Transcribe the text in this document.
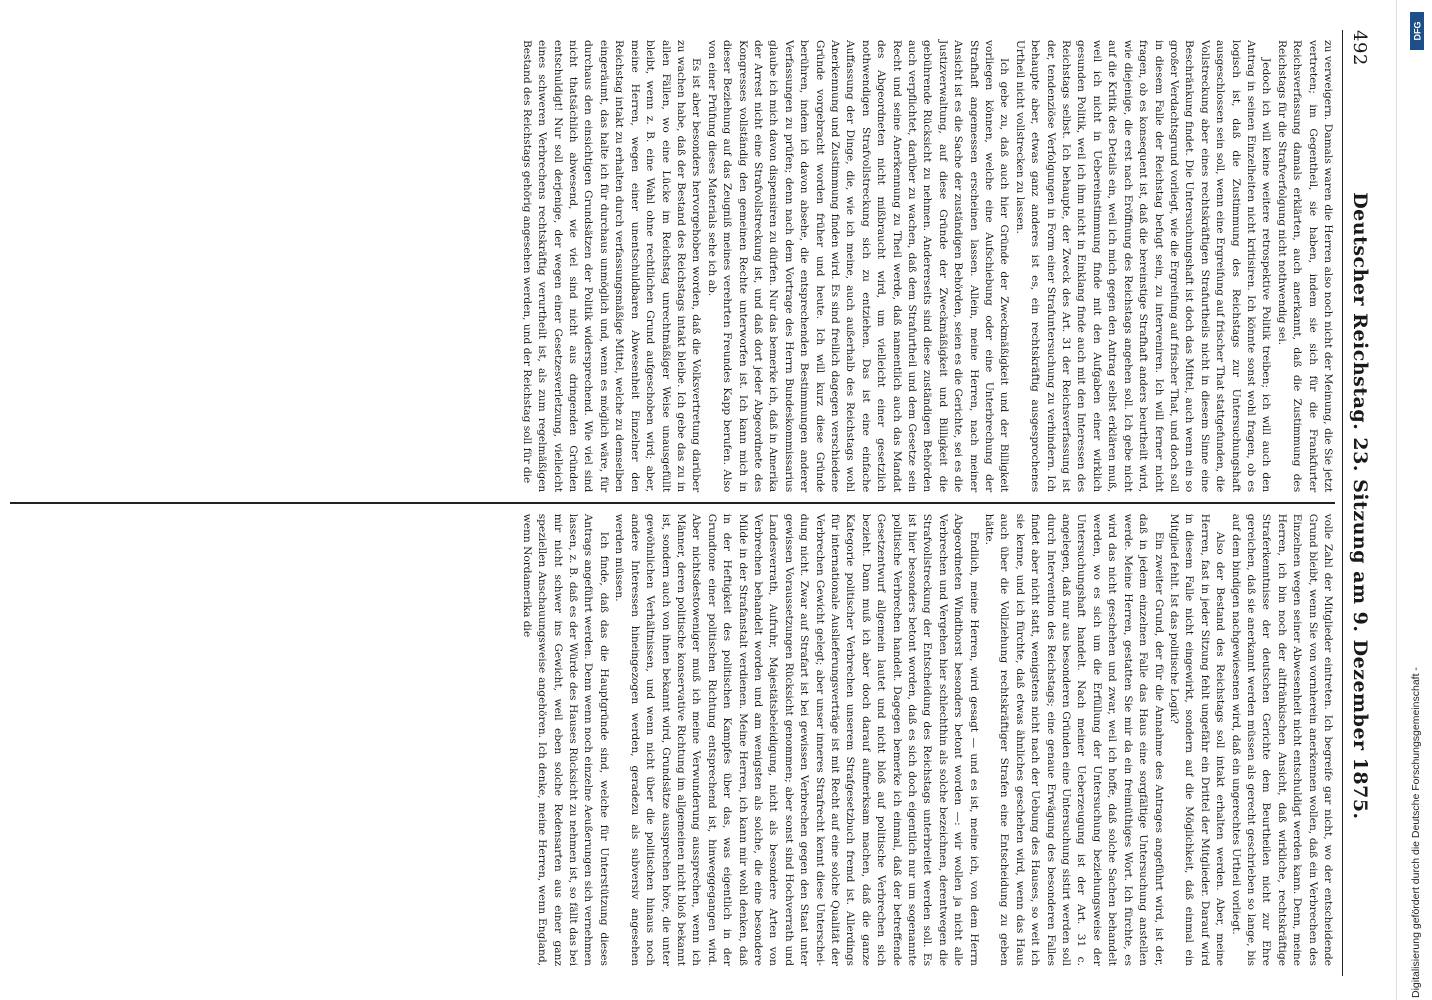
492
Deutscher Reichstag. 23. Sitzung am 9. Dezember 1875.

zu verweigern. Damals waren die Herren also noch nicht der Meinung, die Sie jetzt vertreten; im Gegentheil, sie haben, indem sie sich für die Frankfurter Reichsverfassung damals erklärten, auch anerkannt, daß die Zustimmung des Reichstags für die Strafverfolgung nicht nothwendig sei.

Jedoch ich will keine weitere retrospektive Politik treiben; ich will auch den Antrag in seinen Einzelheiten nicht kritisiren. Ich könnte sonst wohl fragen, ob es logisch ist, daß die Zustimmung des Reichstags zur Untersuchungshaft ausgeschlossen sein soll, wenn eine Ergreifung auf frischer That stattgefunden, die Vollstreckung aber eines rechtskräftigen Strafurtheils nicht in diesem Sinne eine Beschränkung findet. Die Untersuchungshaft ist doch das Mittel, auch wenn ein so großer Verdachtsgrund vorliegt, wie die Ergreifung auf frischer That, und doch soll in diesem Falle der Reichstag befugt sein, zu interveniren. Ich will ferner nicht fragen, ob es konsequent ist, daß die bereinstige Strafhaft anders beurtheilt wird, wie diejenige, die erst nach Eröffnung des Reichstags angehen soll. Ich gebe nicht auf die Kritik des Details ein, weil ich mich gegen den Antrag selbst erklären muß, weil ich nicht in Uebereinstimmung finde mit den Aufgaben einer wirklich gesunden Politik, weil ich ihm nicht in Einklang finde auch mit den Interessen des Reichstags selbst. Ich behaupte, der Zweck des Art. 31 der Reichsverfassung ist der, tendenziöse Verfolgungen in Form einer Strafuntersuchung zu verhindern. Ich behaupte aber, etwas ganz anderes ist es, ein rechtskräftig ausgesprochenes Urtheil nicht vollstrecken zu lassen.

Ich gebe zu, daß auch hier Gründe der Zweckmäßigkeit und der Billigkeit vorliegen können, welche eine Aufschiebung oder eine Unterbrechung der Strafhaft angemessen erscheinen lassen. Allein, meine Herren, nach meiner Ansicht ist es die Sache der zuständigen Behörden, seien es die Gerichte, sei es die Justizverwaltung, auf diese Gründe der Zweckmäßigkeit und Billigkeit die gebührende Rücksicht zu nehmen. Andererseits sind diese zuständigen Behörden auch verpflichtet, darüber zu wachen, daß dem Strafurtheil und dem Gesetze sein Recht und seine Anerkennung zu Theil werde, daß namentlich auch das Mandat des Abgeordneten nicht mißbraucht wird, um vielleicht einer gesetzlich nothwendigen Strafvollstreckung sich zu entziehen. Das ist eine einfache Auffassung der Dinge, die, wie ich meine, auch außerhalb des Reichstags wohl Anerkennung und Zustimmung finden wird. Es sind freilich dagegen verschiedene Gründe vorgebracht worden früher und heute. Ich will kurz diese Gründe berühren, indem ich davon absehe, die entsprechenden Bestimmungen anderer Verfassungen zu prüfen; denn nach dem Vortrage des Herrn Bundeskommissarius glaube ich mich davon dispensiren zu dürfen. Nur das bemerke ich, daß in Amerika der Arrest nicht eine Strafvollstreckung ist, und daß dort jeder Abgeordnete des Kongresses vollständig den gemeinen Rechte unterworfen ist. Ich kann mich in dieser Beziehung auf das Zeugniß meines verehrten Freundes Kapp berufen. Also von einer Prüfung dieses Materials sehe ich ab.

Es ist aber besonders hervorgehoben worden, daß die Volksvertretung darüber zu wachen habe, daß der Bestand des Reichstags intakt bleibe. Ich gebe das zu in allen Fällen, wo eine Lücke im Reichstag unrechtmäßiger Weise unausgefüllt bleibt, wenn z. B. eine Wahl ohne rechtlichen Grund aufgeschoben wird; aber, meine Herren, wegen einer unentschuldbaren Abwesenheit Einzelner den Reichstag intakt zu erhalten durch verfassungsmäßige Mittel, welche zu demselben eingeräumt, das halte ich für durchaus unmöglich und, wenn es möglich wäre, für durchaus den einsichtigen Grundsätzen der Politik widersprechend. Wie viel sind nicht thatsächlich abwesend, wie viel sind nicht aus dringenden Gründen entschuldigt! Nur soll derjenige, der wegen einer Gesetzesverletzung, vielleicht eines schweren Verbrechens rechtskräftig verurtheilt ist, als zum regelmäßigen Bestand des Reichstags gehörig angesehen werden, und der Reichstag soll für die

volle Zahl der Mitglieder eintreten. Ich begreife gar nicht, wo der entscheidende Grund bleibt, wenn Sie von vornherein anerkennen wollen, daß ein Verbrechen des Einzelnen wegen seiner Abwesenheit nicht entschuldigt werden kann. Denn, meine Herren, ich bin noch der altfränkischen Ansicht, daß wirkliche, rechtskräftige Straferkenntnisse der deutschen Gerichte dem Beurtheilen nicht zur Ehre gereichen, daß sie anerkannt werden müssen als gerecht geschrieben so lange, bis auf dem bindigen nachgewiesenen wird, daß ein ungerechtes Urtheil vorliegt.

Also der Bestand des Reichstags soll intakt erhalten werden. Aber, meine Herren, fast in jeder Sitzung fehlt ungefähr ein Drittel der Mitglieder. Darauf wird in diesem Falle nicht eingewirkt, sondern auf die Möglichkeit, daß einmal ein Mitglied fehlt. Ist das politische Logik?

Ein zweiter Grund, der für die Annahme des Antrages angeführt wird, ist der, daß in jedem einzelnen Falle das Haus eine sorgfältige Untersuchung anstellen werde. Meine Herren, gestatten Sie mir da ein freimüthiges Wort. Ich fürchte, es wird das nicht geschehen und zwar, weil ich hoffe, daß solche Sachen behandelt werden, wo es sich um die Erfüllung der Untersuchung beziehungsweise der Untersuchungshaft handelt. Nach meiner Ueberzeugung ist der Art. 31 c. angelegen, daß nur aus besonderen Gründen eine Untersuchung sistirt werden soll durch Intervention des Reichstags; eine genaue Erwägung des besonderen Falles findet aber nicht statt, wenigstens nicht nach der Uebung des Hauses, so weit ich sie kenne, und ich fürchte, daß etwas ähnliches geschehen wird, wenn das Haus auch über die Vollziehung rechtskräftiger Strafen eine Entscheidung zu geben hätte.

Endlich, meine Herren, wird gesagt — und es ist, meine ich, von dem Herrn Abgeordneten Windthorst besonders betont worden —: wir wollen ja nicht alle Verbrechen und Vergehen hier schlechthin als solche bezeichnen, derentwegen die Strafvollstreckung der Entscheidung des Reichstags unterbreitet werden soll. Es ist hier besonders betont worden, daß es sich doch eigentlich nur um sogenannte politische Verbrechen handelt. Dagegen bemerke ich einmal, daß der betreffende Gesetzentwurf allgemein lautet und nicht bloß auf politische Verbrechen sich bezieht. Dann muß ich aber doch darauf aufmerksam machen, daß die ganze Kategorie politischer Verbrechen unserem Strafgesetzbuch fremd ist. Allerdings für internationale Auslieferungsverträge ist mit Recht auf eine solche Qualität der Verbrechen Gewicht gelegt; aber unser inneres Strafrecht kennt diese Unterschei-dung nicht. Zwar auf Strafart ist bei gewissen Verbrechen gegen den Staat unter gewissen Voraussetzungen Rücksicht genommen; aber sonst sind Hochverrath und Landesverrath, Aufruhr, Majestätsbeleidigung, nicht als besondere Arten von Verbrechen behandelt worden und am wenigsten als solche, die eine besondere Milde in der Strafanstalt verdienen. Meine Herren, ich kann mir wohl denken, daß in der Heftigkeit des politischen Kampfes über das, was eigentlich in der Grundtone einer politischen Richtung entsprechend ist, hinweggegangen wird. Aber nichtsdestoweniger muß ich meine Verwunderung aussprechen, wenn ich Männer, deren politische konservative Richtung im allgemeinen nicht bloß bekannt ist, sondern auch von ihnen bekannt wird, Grundsätze aussprechen höre, die unter gewöhnlichen Verhältnissen, und wenn nicht über die politischen hinaus noch andere Interessen hineingezogen werden, geradezu als subversiv angesehen werden müssen.

Ich finde, daß das die Hauptgründe sind, welche für Unterstützung dieses Antrags angeführt werden. Denn wenn noch einzelne Aeußerungen sich vernehmen lassen, z. B. daß es der Würde des Hauses Rücksicht zu nehmen ist, so fällt das bei mir nicht schwer ins Gewicht, weil eben solche Redensarten aus einer ganz speziellen Anschauungsweise angehören. Ich denke, meine Herren, wenn England, wenn Nordamerika die

Digitalisierung gefördert durch die Deutsche Forschungsgemeinschaft -
DFG
